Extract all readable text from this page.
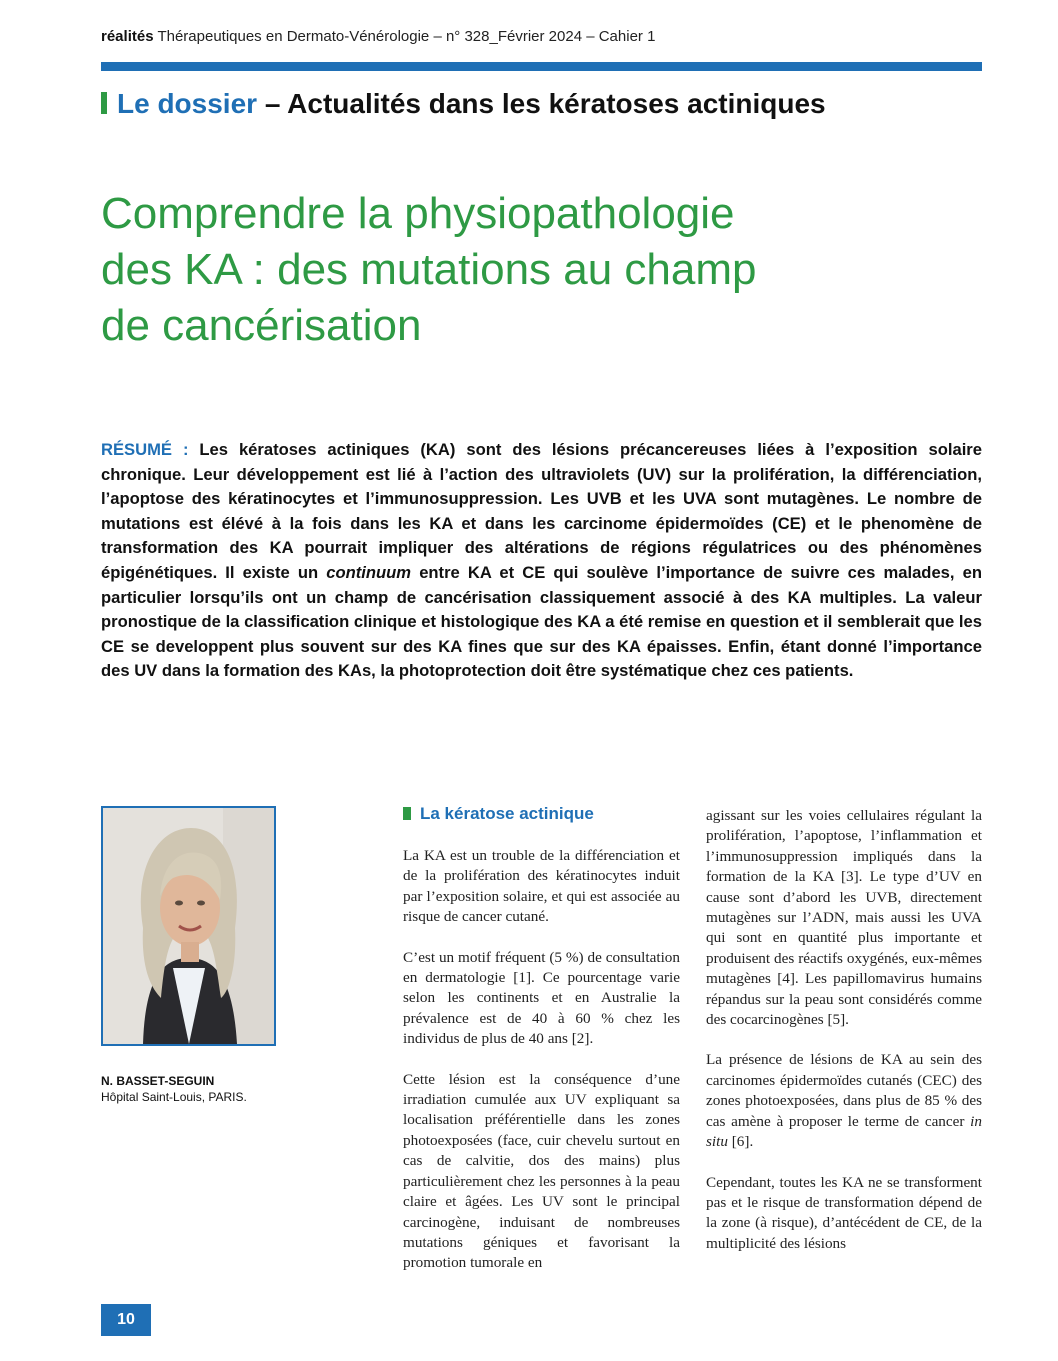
réalités Thérapeutiques en Dermato-Vénérologie – n° 328_Février 2024 – Cahier 1
Le dossier – Actualités dans les kératoses actiniques
Comprendre la physiopathologie
des KA : des mutations au champ
de cancérisation
RÉSUMÉ : Les kératoses actiniques (KA) sont des lésions précancereuses liées à l’exposition solaire chronique. Leur développement est lié à l’action des ultraviolets (UV) sur la prolifération, la différenciation, l’apoptose des kératinocytes et l’immunosuppression. Les UVB et les UVA sont mutagènes. Le nombre de mutations est élévé à la fois dans les KA et dans les carcinome épidermoïdes (CE) et le phenomène de transformation des KA pourrait impliquer des altérations de régions régulatrices ou des phénomènes épigénétiques. Il existe un continuum entre KA et CE qui soulève l’importance de suivre ces malades, en particulier lorsqu’ils ont un champ de cancérisation classiquement associé à des KA multiples. La valeur pronostique de la classification clinique et histologique des KA a été remise en question et il semblerait que les CE se developpent plus souvent sur des KA fines que sur des KA épaisses. Enfin, étant donné l’importance des UV dans la formation des KAs, la photoprotection doit être systématique chez ces patients.
N. BASSET-SEGUIN
Hôpital Saint-Louis, PARIS.
La kératose actinique

La KA est un trouble de la différenciation et de la prolifération des kératinocytes induit par l’exposition solaire, et qui est associée au risque de cancer cutané.

C’est un motif fréquent (5 %) de consultation en dermatologie [1]. Ce pourcentage varie selon les continents et en Australie la prévalence est de 40 à 60 % chez les individus de plus de 40 ans [2].

Cette lésion est la conséquence d’une irradiation cumulée aux UV expliquant sa localisation préférentielle dans les zones photoexposées (face, cuir chevelu surtout en cas de calvitie, dos des mains) plus particulièrement chez les personnes à la peau claire et âgées. Les UV sont le principal carcinogène, induisant de nombreuses mutations géniques et favorisant la promotion tumorale en

agissant sur les voies cellulaires régulant la prolifération, l’apoptose, l’inflammation et l’immunosuppression impliqués dans la formation de la KA [3]. Le type d’UV en cause sont d’abord les UVB, directement mutagènes sur l’ADN, mais aussi les UVA qui sont en quantité plus importante et produisent des réactifs oxygénés, eux-mêmes mutagènes [4]. Les papillomavirus humains répandus sur la peau sont considérés comme des cocarcinogènes [5].

La présence de lésions de KA au sein des carcinomes épidermoïdes cutanés (CEC) des zones photoexposées, dans plus de 85 % des cas amène à proposer le terme de cancer in situ [6].

Cependant, toutes les KA ne se transforment pas et le risque de transformation dépend de la zone (à risque), d’antécédent de CE, de la multiplicité des lésions

10
